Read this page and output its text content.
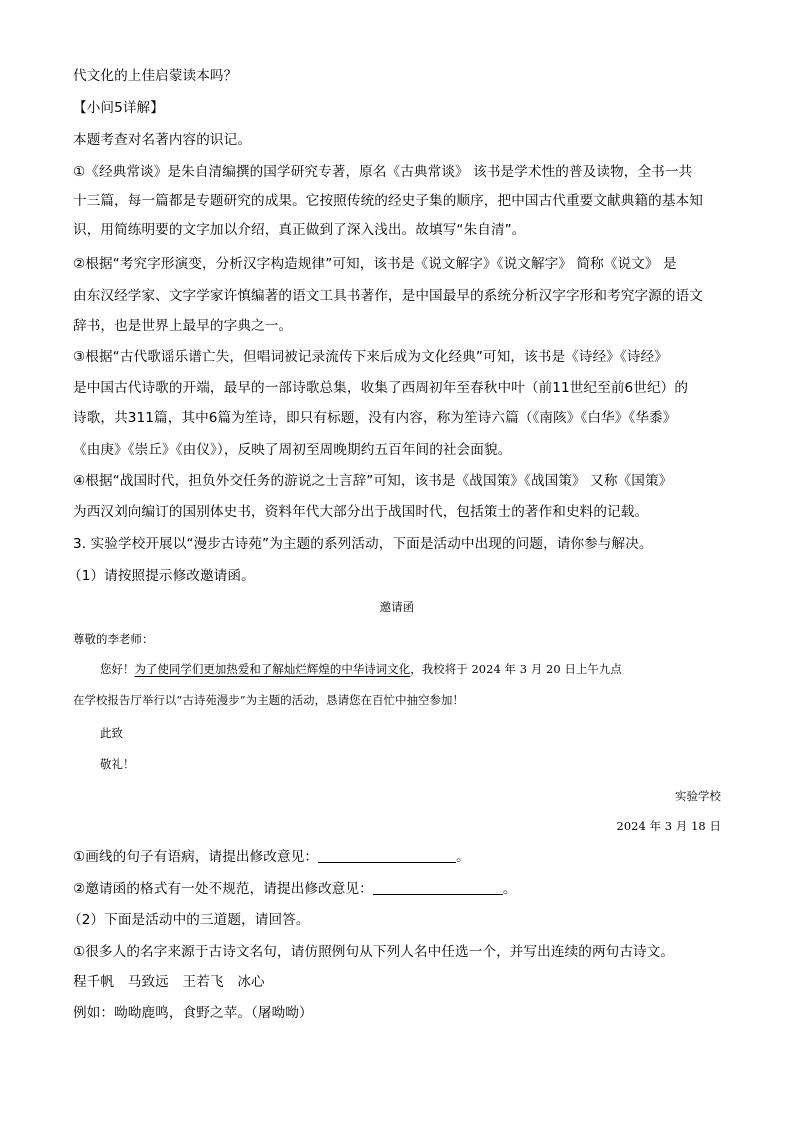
代文化的上佳启蒙读本吗？
【小问5详解】
本题考查对名著内容的识记。
①《经典常谈》是朱自清编撰的国学研究专著，原名《古典常谈》 该书是学术性的普及读物，全书一共
十三篇，每一篇都是专题研究的成果。它按照传统的经史子集的顺序，把中国古代重要文献典籍的基本知
识，用简练明要的文字加以介绍，真正做到了深入浅出。故填写“朱自清”。
②根据“考究字形演变，分析汉字构造规律”可知，该书是《说文解字》《说文解字》 简称《说文》 是
由东汉经学家、文字学家许慎编著的语文工具书著作，是中国最早的系统分析汉字字形和考究字源的语文
辞书，也是世界上最早的字典之一。
③根据“古代歌谣乐谱亡失，但唱词被记录流传下来后成为文化经典”可知，该书是《诗经》《诗经》
是中国古代诗歌的开端，最早的一部诗歌总集，收集了西周初年至春秋中叶（前11世纪至前6世纪）的
诗歌，共311篇，其中6篇为笙诗，即只有标题，没有内容，称为笙诗六篇（《南陔》《白华》《华黍》
《由庚》《崇丘》《由仪》），反映了周初至周晚期约五百年间的社会面貌。
④根据“战国时代，担负外交任务的游说之士言辞”可知，该书是《战国策》《战国策》 又称《国策》
为西汉刘向编订的国别体史书，资料年代大部分出于战国时代，包括策士的著作和史料的记载。
3. 实验学校开展以“漫步古诗苑”为主题的系列活动，下面是活动中出现的问题，请你参与解决。
（1）请按照提示修改邀请函。
邀请函
尊敬的李老师：
您好！为了使同学们更加热爱和了解灿烂辉煌的中华诗词文化，我校将于 2024 年 3 月 20 日上午九点
在学校报告厅举行以“古诗苑漫步”为主题的活动，恳请您在百忙中抽空参加！
此致
敬礼！
实验学校
2024 年 3 月 18 日
①画线的句子有语病，请提出修改意见：	。
②邀请函的格式有一处不规范，请提出修改意见：	。
（2）下面是活动中的三道题，请回答。
①很多人的名字来源于古诗文名句，请仿照例句从下列人名中任选一个，并写出连续的两句古诗文。
程千帆　马致远　王若飞　冰心
例如：呦呦鹿鸣，食野之苹。（屠呦呦）
